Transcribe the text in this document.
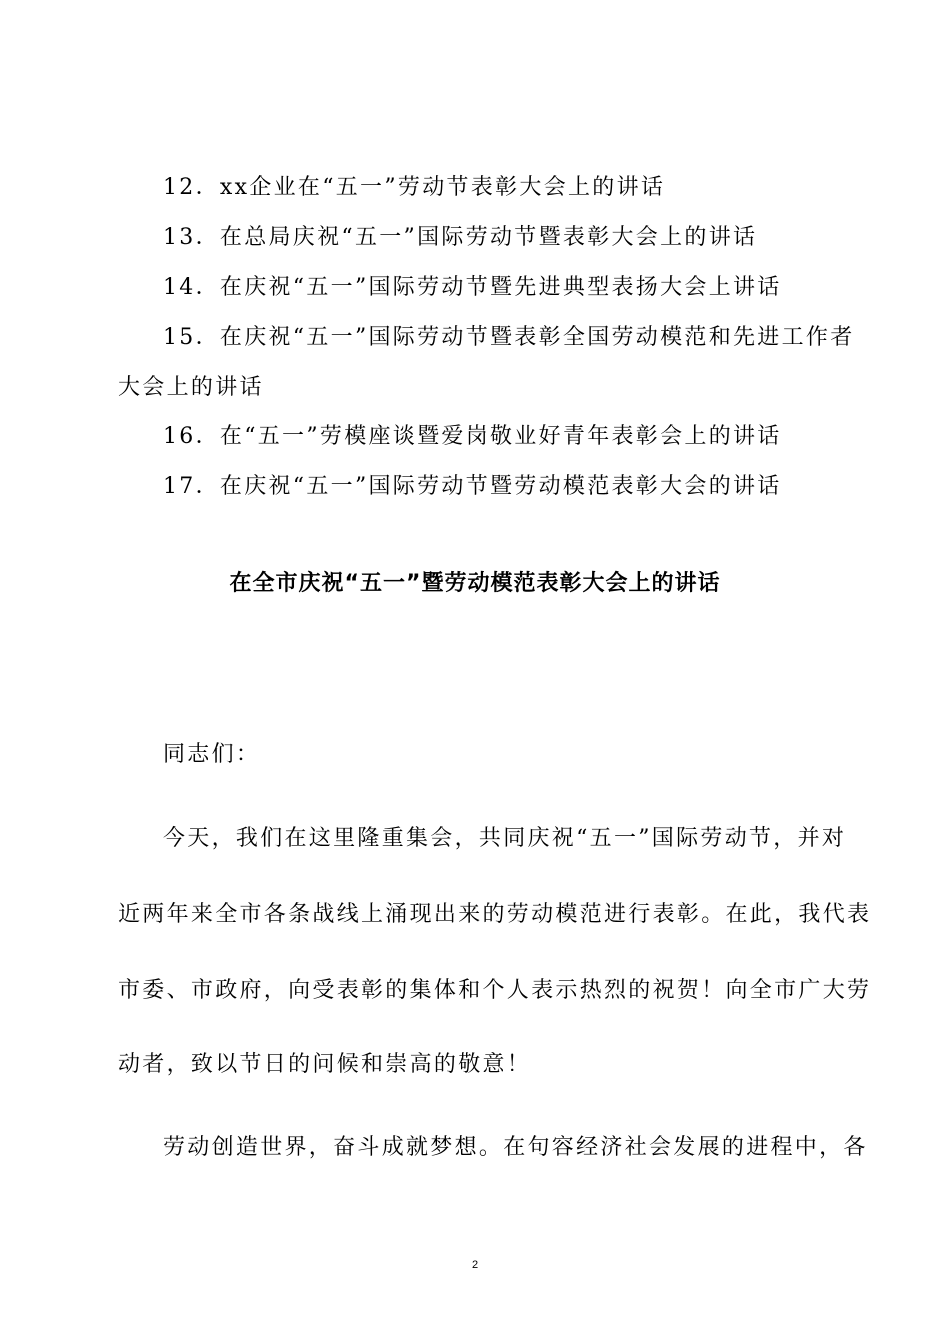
12．xx企业在“五一”劳动节表彰大会上的讲话
13．在总局庆祝“五一”国际劳动节暨表彰大会上的讲话
14．在庆祝“五一”国际劳动节暨先进典型表扬大会上讲话
15．在庆祝“五一”国际劳动节暨表彰全国劳动模范和先进工作者
大会上的讲话
16．在“五一”劳模座谈暨爱岗敬业好青年表彰会上的讲话
17．在庆祝“五一”国际劳动节暨劳动模范表彰大会的讲话
在全市庆祝“五一”暨劳动模范表彰大会上的讲话
同志们：
今天，我们在这里隆重集会，共同庆祝“五一”国际劳动节，并对
近两年来全市各条战线上涌现出来的劳动模范进行表彰。在此，我代表
市委、市政府，向受表彰的集体和个人表示热烈的祝贺！向全市广大劳
动者，致以节日的问候和崇高的敬意！
劳动创造世界，奋斗成就梦想。在句容经济社会发展的进程中，各
2
